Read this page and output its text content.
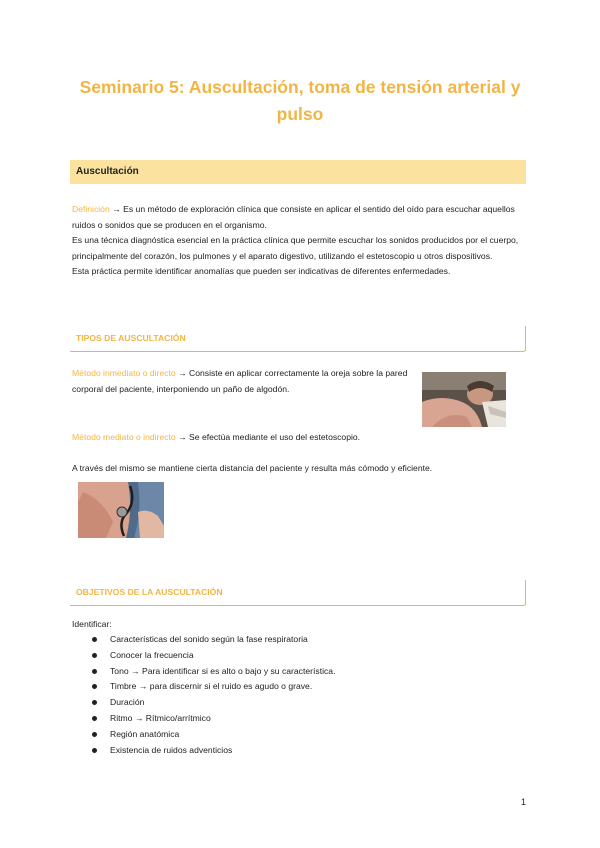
Seminario 5: Auscultación, toma de tensión arterial y
pulso
Auscultación

Definición → Es un método de exploración clínica que consiste en aplicar el sentido del oído para escuchar aquellos ruidos o sonidos que se producen en el organismo.

Es una técnica diagnóstica esencial en la práctica clínica que permite escuchar los sonidos producidos por el cuerpo, principalmente del corazón, los pulmones y el aparato digestivo, utilizando el estetoscopio u otros dispositivos.

Esta práctica permite identificar anomalías que pueden ser indicativas de diferentes enfermedades.

TIPOS DE AUSCULTACIÓN

Método inmediato o directo → Consiste en aplicar correctamente la oreja sobre la pared corporal del paciente, interponiendo un paño de algodón.

Método mediato o indirecto → Se efectúa mediante el uso del estetoscopio.

A través del mismo se mantiene cierta distancia del paciente y resulta más cómodo y eficiente.

OBJETIVOS DE LA AUSCULTACIÓN
Identificar:
Características del sonido según la fase respiratoria
Conocer la frecuencia
Tono → Para identificar si es alto o bajo y su característica.
Timbre → para discernir si el ruido es agudo o grave.
Duración
Ritmo → Rítmico/arrítmico
Región anatómica
Existencia de ruidos adventicios
1
